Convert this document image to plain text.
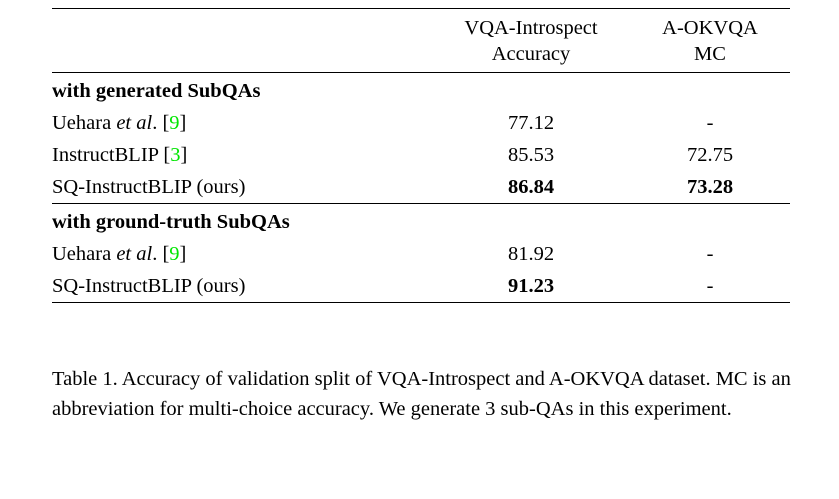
	VQA-Introspect	A-OKVQA
	Accuracy	MC
with generated SubQAs		
Uehara et al. [9]	77.12	-
InstructBLIP [3]	85.53	72.75
SQ-InstructBLIP (ours)	86.84	73.28
with ground-truth SubQAs		
Uehara et al. [9]	81.92	-
SQ-InstructBLIP (ours)	91.23	-
Table 1. Accuracy of validation split of VQA-Introspect and A-OKVQA dataset. MC is an abbreviation for multi-choice accuracy. We generate 3 sub-QAs in this experiment.
